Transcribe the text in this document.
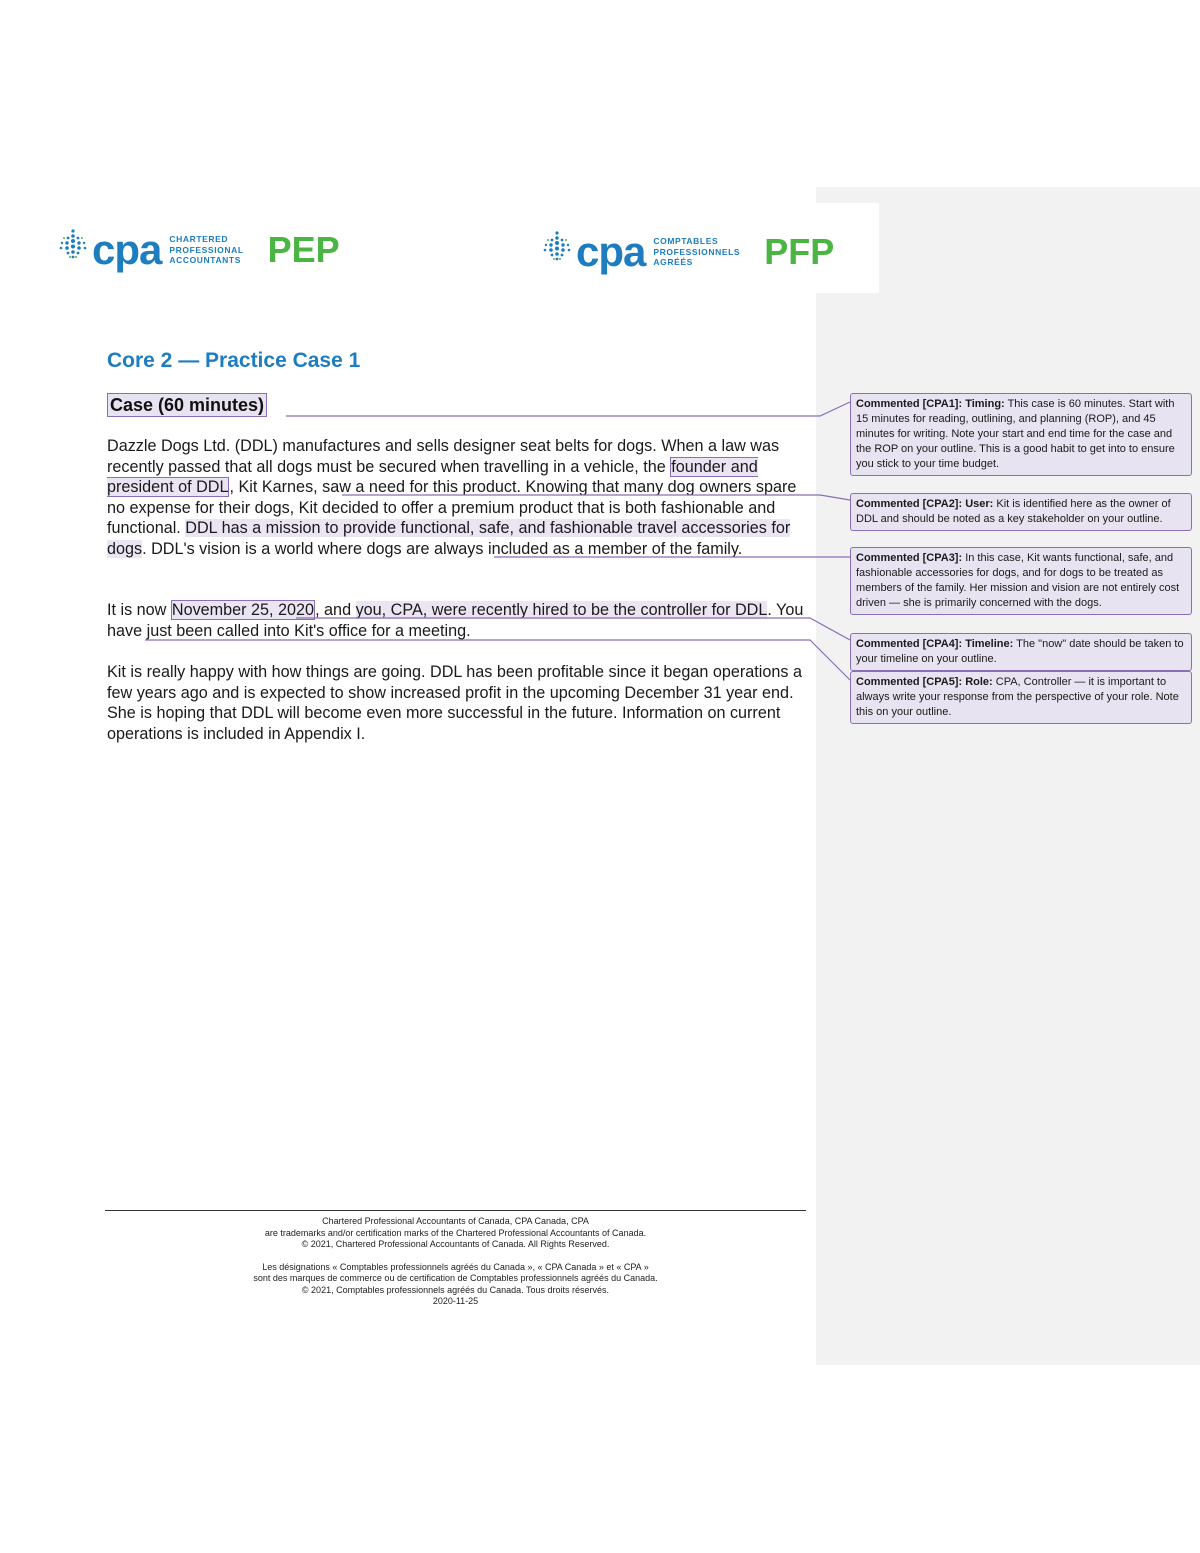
cpa CHARTERED
PROFESSIONAL
ACCOUNTANTS PEP	cpa COMPTABLES
PROFESSIONNELS
AGRÉÉS	PFP
Core 2 — Practice Case 1
Case (60 minutes)

Dazzle Dogs Ltd. (DDL) manufactures and sells designer seat belts for dogs. When a law was recently passed that all dogs must be secured when travelling in a vehicle, the founder and president of DDL, Kit Karnes, saw a need for this product. Knowing that many dog owners spare no expense for their dogs, Kit decided to offer a premium product that is both fashionable and functional. DDL has a mission to provide functional, safe, and fashionable travel accessories for dogs. DDL's vision is a world where dogs are always included as a member of the family.

It is now November 25, 2020, and you, CPA, were recently hired to be the controller for DDL. You have just been called into Kit's office for a meeting.

Kit is really happy with how things are going. DDL has been profitable since it began operations a few years ago and is expected to show increased profit in the upcoming December 31 year end. She is hoping that DDL will become even more successful in the future. Information on current operations is included in Appendix I.

Commented [CPA1]: Timing: This case is 60 minutes. Start with 15 minutes for reading, outlining, and planning (ROP), and 45 minutes for writing. Note your start and end time for the case and the ROP on your outline. This is a good habit to get into to ensure you stick to your time budget.
Commented [CPA2]: User: Kit is identified here as the owner of DDL and should be noted as a key stakeholder on your outline.
Commented [CPA3]: In this case, Kit wants functional, safe, and fashionable accessories for dogs, and for dogs to be treated as members of the family. Her mission and vision are not entirely cost driven — she is primarily concerned with the dogs.
Commented [CPA4]: Timeline: The "now" date should be taken to your timeline on your outline.
Commented [CPA5]: Role: CPA, Controller — it is important to always write your response from the perspective of your role. Note this on your outline.
Chartered Professional Accountants of Canada, CPA Canada, CPA
are trademarks and/or certification marks of the Chartered Professional Accountants of Canada.
© 2021, Chartered Professional Accountants of Canada. All Rights Reserved.
Les désignations « Comptables professionnels agréés du Canada », « CPA Canada » et « CPA »
sont des marques de commerce ou de certification de Comptables professionnels agréés du Canada.
© 2021, Comptables professionnels agréés du Canada. Tous droits réservés.
2020-11-25
